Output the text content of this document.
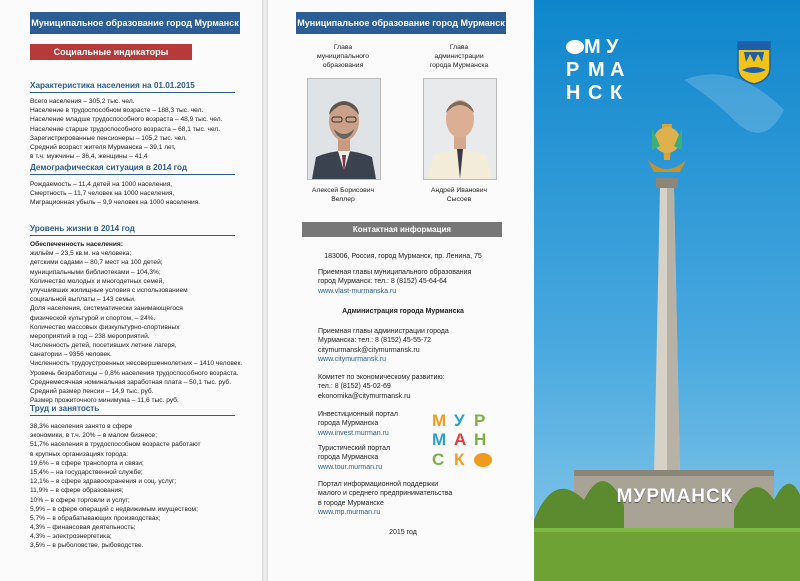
Муниципальное образование город Мурманск
Социальные индикаторы
Характеристика населения на 01.01.2015
Всего населения – 305,2 тыс. чел.
Население в трудоспособном возрасте – 188,3 тыс. чел.
Население младше трудоспособного возраста – 48,9 тыс. чел.
Население старше трудоспособного возраста – 68,1 тыс. чел.
Зарегистрированные пенсионеры – 105,2 тыс. чел.
Средний возраст жителя Мурманска – 39,1 лет,
в т.ч. мужчины – 36,4, женщины – 41,4
Демографическая ситуация в 2014 год
Рождаемость – 11,4 детей на 1000 населения,
Смертность – 11,7 человек на 1000 населения,
Миграционная убыль – 9,9 человек на 1000 населения.
Уровень жизни в 2014 год
Обеспеченность населения:
жильём – 23,5 кв.м. на человека;
детскими садами – 80,7 мест на 100 детей;
муниципальными библиотеками – 104,3%;
Количество молодых и многодетных семей,
улучшивших жилищные условия с использованием
социальной выплаты – 143 семьи.
Доля населения, систематически занимающегося
физической культурой и спортом, – 24%.
Количество массовых физкультурно-спортивных
мероприятий в год – 238 мероприятий.
Численность детей, посетивших летние лагеря,
санатории – 9356 человек.
Численность трудоустроенных несовершеннолетних – 1410 человек.
Уровень безработицы – 0,8% населения трудоспособного возраста.
Среднемесячная номинальная заработная плата – 50,1 тыс. руб.
Средний размер пенсии – 14,9 тыс. руб.
Размер прожиточного минимума – 11,6 тыс. руб.
Труд и занятость
38,3% населения занято в сфере
экономики, в т.ч. 20% – в малом бизнесе;
51,7% населения в трудоспособном возрасте работают
в крупных организациях города:
19,6% – в сфере транспорта и связи;
15,4% – на государственной службе;
12,1% – в сфере здравоохранения и соц. услуг;
11,9% – в сфере образования;
10% – в сфере торговли и услуг;
5,9% – в сфере операций с недвижимым имуществом;
5,7% – в обрабатывающих производствах;
4,3% – финансовая деятельность;
4,3% – электроэнергетика;
3,5% – в рыболовстве, рыбоводстве.
Муниципальное образование город Мурманск
Глава
муниципального
образования
Глава
администрации
города Мурманска
Алексей Борисович
Веллер
Андрей Иванович
Сысоев
Контактная информация
183006, Россия, город Мурманск, пр. Ленина, 75
Приемная главы муниципального образования
город Мурманск: тел.: 8 (8152) 45-64-64
www.vlast-murmanska.ru
Администрация города Мурманска
Приемная главы администрации города
Мурманска: тел.: 8 (8152) 45-55-72
citymurmansk@citymurmansk.ru
www.citymurmansk.ru
Комитет по экономическому развитию:
тел.: 8 (8152) 45-02-69
ekonomika@citymurmansk.ru
Инвестиционный портал
города Мурманска
www.invest.murman.ru
Туристический портал
города Мурманска
www.tour.murman.ru
Портал информационной поддержки
малого и среднего предпринимательства
в городе Мурманске
www.mp.murman.ru
2015 год
М У Р
М А Н
С К
М У
Р М А
Н С К
МУРМАНСК
